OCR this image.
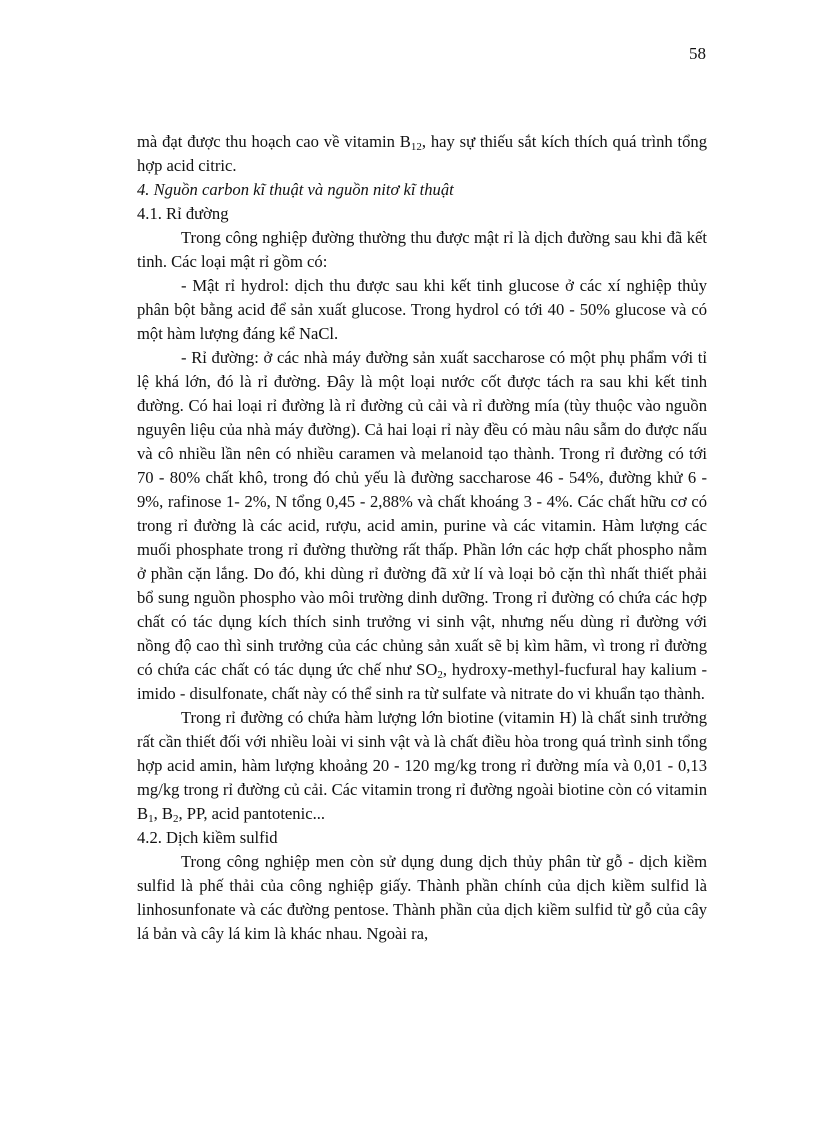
58

mà đạt được thu hoạch cao về vitamin $B_{12}$, hay sự thiếu sắt kích thích quá trình tổng hợp acid citric.

4. Nguồn carbon kĩ thuật và nguồn nitơ kĩ thuật

4.1. Rỉ đường

Trong công nghiệp đường thường thu được mật rỉ là dịch đường sau khi đã kết tinh. Các loại mật rỉ gồm có:

- Mật rỉ hydrol: dịch thu được sau khi kết tinh glucose ở các xí nghiệp thủy phân bột bằng acid để sản xuất glucose. Trong hydrol có tới 40 - 50% glucose và có một hàm lượng đáng kể NaCl.

- Rỉ đường: ở các nhà máy đường sản xuất saccharose có một phụ phẩm với tỉ lệ khá lớn, đó là rỉ đường. Đây là một loại nước cốt được tách ra sau khi kết tinh đường. Có hai loại rỉ đường là rỉ đường củ cải và rỉ đường mía (tùy thuộc vào nguồn nguyên liệu của nhà máy đường). Cả hai loại rỉ này đều có màu nâu sẫm do được nấu và cô nhiều lần nên có nhiều caramen và melanoid tạo thành. Trong rỉ đường có tới 70 - 80% chất khô, trong đó chủ yếu là đường saccharose 46 - 54%, đường khử 6 - 9%, rafinose 1- 2%, N tổng 0,45 - 2,88% và chất khoáng 3 - 4%. Các chất hữu cơ có trong rỉ đường là các acid, rượu, acid amin, purine và các vitamin. Hàm lượng các muối phosphate trong rỉ đường thường rất thấp. Phần lớn các hợp chất phospho nằm ở phần cặn lắng. Do đó, khi dùng rỉ đường đã xử lí và loại bỏ cặn thì nhất thiết phải bổ sung nguồn phospho vào môi trường dinh dưỡng. Trong rỉ đường có chứa các hợp chất có tác dụng kích thích sinh trưởng vi sinh vật, nhưng nếu dùng rỉ đường với nồng độ cao thì sinh trưởng của các chủng sản xuất sẽ bị kìm hãm, vì trong rỉ đường có chứa các chất có tác dụng ức chế như $SO_2$, hydroxy-methyl-fucfural hay kalium - imido - disulfonate, chất này có thể sinh ra từ sulfate và nitrate do vi khuẩn tạo thành.

Trong rỉ đường có chứa hàm lượng lớn biotine (vitamin H) là chất sinh trưởng rất cần thiết đối với nhiều loài vi sinh vật và là chất điều hòa trong quá trình sinh tổng hợp acid amin, hàm lượng khoảng 20 - 120 mg/kg trong rỉ đường mía và 0,01 - 0,13 mg/kg trong rỉ đường củ cải. Các vitamin trong rỉ đường ngoài biotine còn có vitamin $B_1$, $B_2$, PP, acid pantotenic...

4.2. Dịch kiềm sulfid

Trong công nghiệp men còn sử dụng dung dịch thủy phân từ gỗ - dịch kiềm sulfid là phế thải của công nghiệp giấy. Thành phần chính của dịch kiềm sulfid là linhosunfonate và các đường pentose. Thành phần của dịch kiềm sulfid từ gỗ của cây lá bản và cây lá kim là khác nhau. Ngoài ra,
